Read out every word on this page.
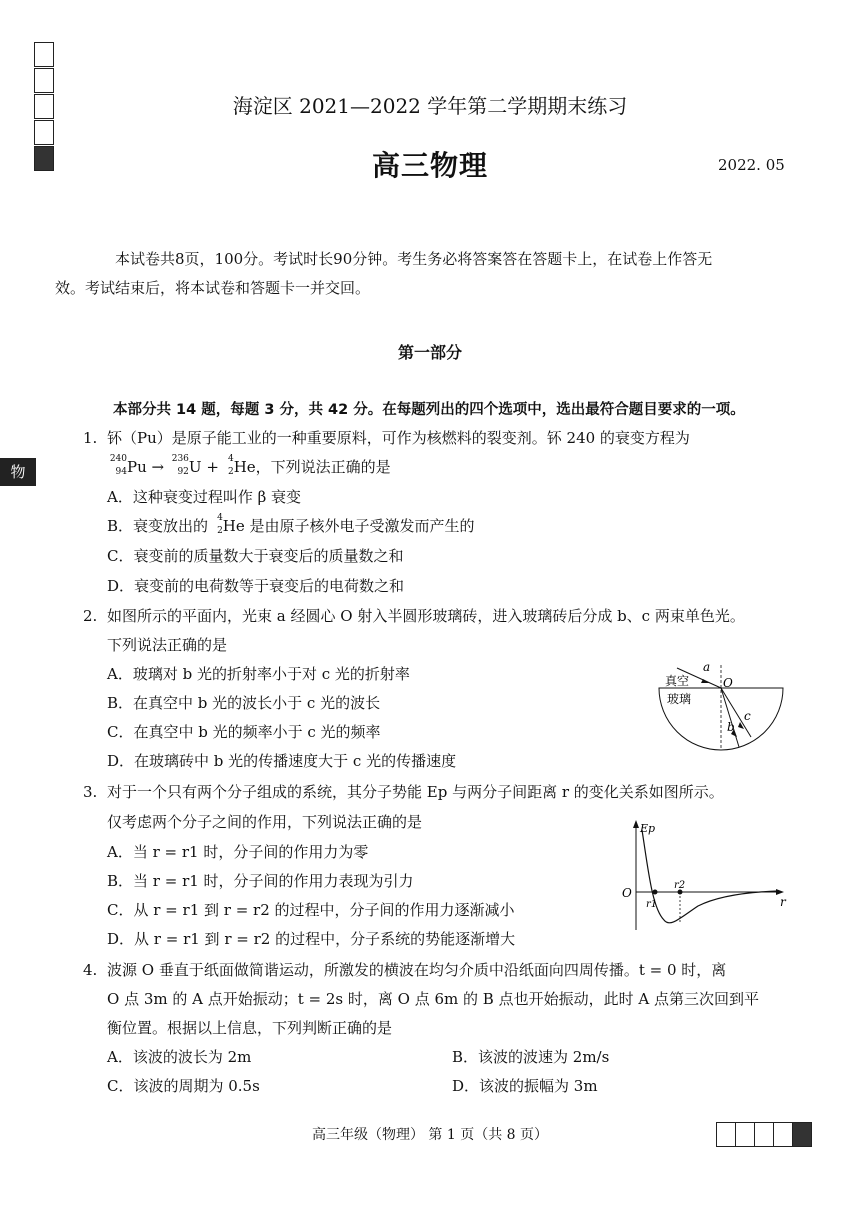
物
海淀区 2021—2022 学年第二学期期末练习
高三物理	2022. 05
本试卷共8页，100分。考试时长90分钟。考生务必将答案答在答题卡上，在试卷上作答无
效。考试结束后，将本试卷和答题卡一并交回。
第一部分
本部分共 14 题，每题 3 分，共 42 分。在每题列出的四个选项中，选出最符合题目要求的一项。
1. 钚（Pu）是原子能工业的一种重要原料，可作为核燃料的裂变剂。钚 240 的衰变方程为
240
94 Pu → 236
92 U + 4
2 He，下列说法正确的是
A．这种衰变过程叫作 β 衰变
B．衰变放出的 4
2 He 是由原子核外电子受激发而产生的
C．衰变前的质量数大于衰变后的质量数之和
D．衰变前的电荷数等于衰变后的电荷数之和
2. 如图所示的平面内，光束 a 经圆心 O 射入半圆形玻璃砖，进入玻璃砖后分成 b、c 两束单色光。
下列说法正确的是
A．玻璃对 b 光的折射率小于对 c 光的折射率
B．在真空中 b 光的波长小于 c 光的波长
C．在真空中 b 光的频率小于 c 光的频率
D．在玻璃砖中 b 光的传播速度大于 c 光的传播速度
真空
玻璃
a
O
b
c
3. 对于一个只有两个分子组成的系统，其分子势能 Ep 与两分子间距离 r 的变化关系如图所示。
仅考虑两个分子之间的作用，下列说法正确的是
A．当 r = r1 时，分子间的作用力为零
B．当 r = r1 时，分子间的作用力表现为引力
C．从 r = r1 到 r = r2 的过程中，分子间的作用力逐渐减小
D．从 r = r1 到 r = r2 的过程中，分子系统的势能逐渐增大
Ep
r
O
r1
r2
4. 波源 O 垂直于纸面做简谐运动，所激发的横波在均匀介质中沿纸面向四周传播。t = 0 时，离
O 点 3m 的 A 点开始振动；t = 2s 时，离 O 点 6m 的 B 点也开始振动，此时 A 点第三次回到平
衡位置。根据以上信息，下列判断正确的是
A．该波的波长为 2m	B．该波的波速为 2m/s
C．该波的周期为 0.5s	D．该波的振幅为 3m
高三年级（物理） 第 1 页（共 8 页）
